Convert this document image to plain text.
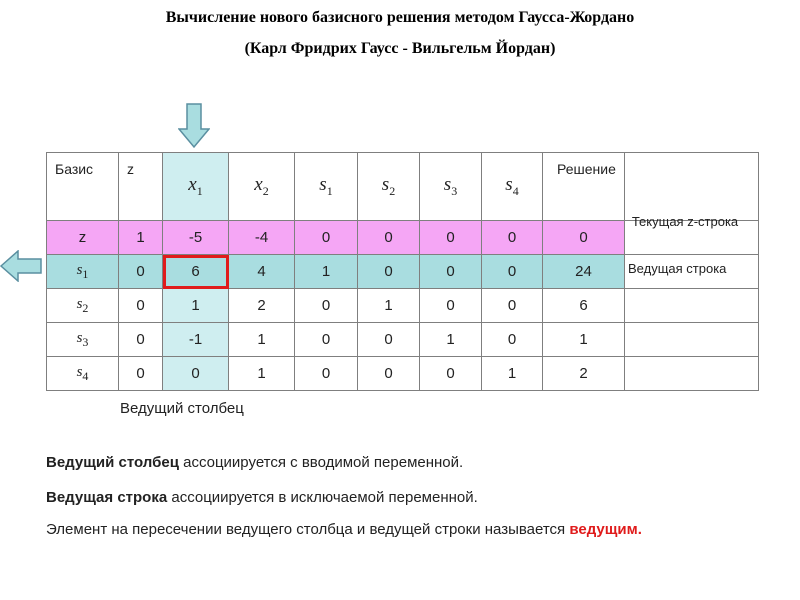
Вычисление нового базисного решения методом Гаусса-Жордано
(Карл Фридрих Гаусс - Вильгельм Йордан)
Базис	z	$x_1$	$x_2$	$s_1$	$s_2$	$s_3$	$s_4$	Решение	
z	1	-5	-4	0	0	0	0	0	
$s_1$	0	6	4	1	0	0	0	24	
$s_2$	0	1	2	0	1	0	0	6	
$s_3$	0	-1	1	0	0	1	0	1	
$s_4$	0	0	1	0	0	0	1	2	
Текущая z-строка
Ведущая строка
Ведущий столбец
Ведущий столбец ассоциируется с вводимой переменной.
Ведущая строка ассоциируется в исключаемой переменной.
Элемент на пересечении ведущего столбца и ведущей строки называется ведущим.
